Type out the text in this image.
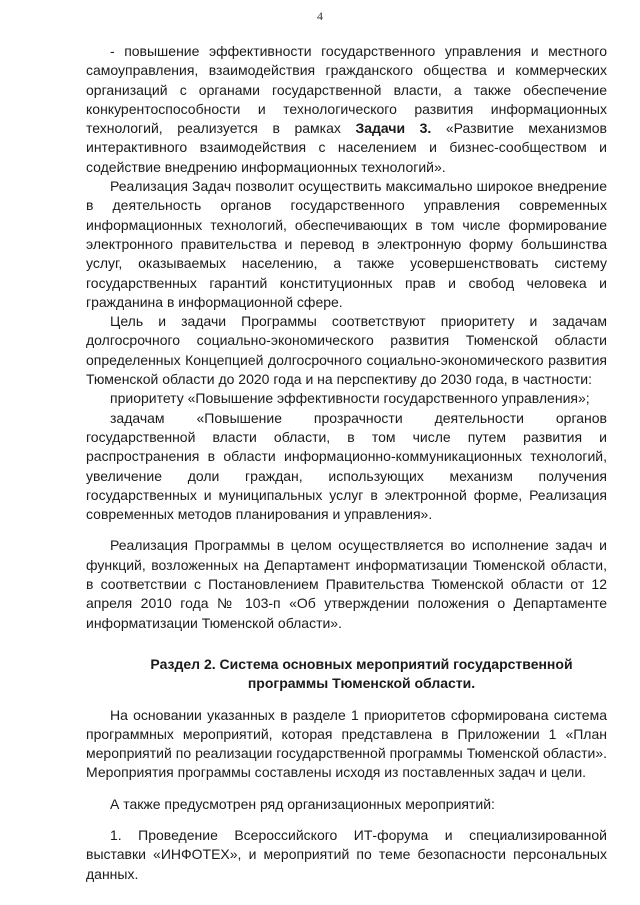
4

- повышение эффективности государственного управления и местного самоуправления, взаимодействия гражданского общества и коммерческих организаций с органами государственной власти, а также обеспечение конкурентоспособности и технологического развития информационных технологий, реализуется в рамках Задачи 3. «Развитие механизмов интерактивного взаимодействия с населением и бизнес-сообществом и содействие внедрению информационных технологий».

Реализация Задач позволит осуществить максимально широкое внедрение в деятельность органов государственного управления современных информационных технологий, обеспечивающих в том числе формирование электронного правительства и перевод в электронную форму большинства услуг, оказываемых населению, а также усовершенствовать систему государственных гарантий конституционных прав и свобод человека и гражданина в информационной сфере.

Цель и задачи Программы соответствуют приоритету и задачам долгосрочного социально-экономического развития Тюменской области определенных Концепцией долгосрочного социально-экономического развития Тюменской области до 2020 года и на перспективу до 2030 года, в частности:

приоритету «Повышение эффективности государственного управления»;

задачам «Повышение прозрачности деятельности органов государственной власти области, в том числе путем развития и распространения в области информационно-коммуникационных технологий, увеличение доли граждан, использующих механизм получения государственных и муниципальных услуг в электронной форме, Реализация современных методов планирования и управления».

Реализация Программы в целом осуществляется во исполнение задач и функций, возложенных на Департамент информатизации Тюменской области, в соответствии с Постановлением Правительства Тюменской области от 12 апреля 2010 года № 103-п «Об утверждении положения о Департаменте информатизации Тюменской области».

Раздел 2. Система основных мероприятий государственной
программы Тюменской области.

На основании указанных в разделе 1 приоритетов сформирована система программных мероприятий, которая представлена в Приложении 1 «План мероприятий по реализации государственной программы Тюменской области». Мероприятия программы составлены исходя из поставленных задач и цели.

А также предусмотрен ряд организационных мероприятий:

1. Проведение Всероссийского ИТ-форума и специализированной выставки «ИНФОТЕХ», и мероприятий по теме безопасности персональных данных.
